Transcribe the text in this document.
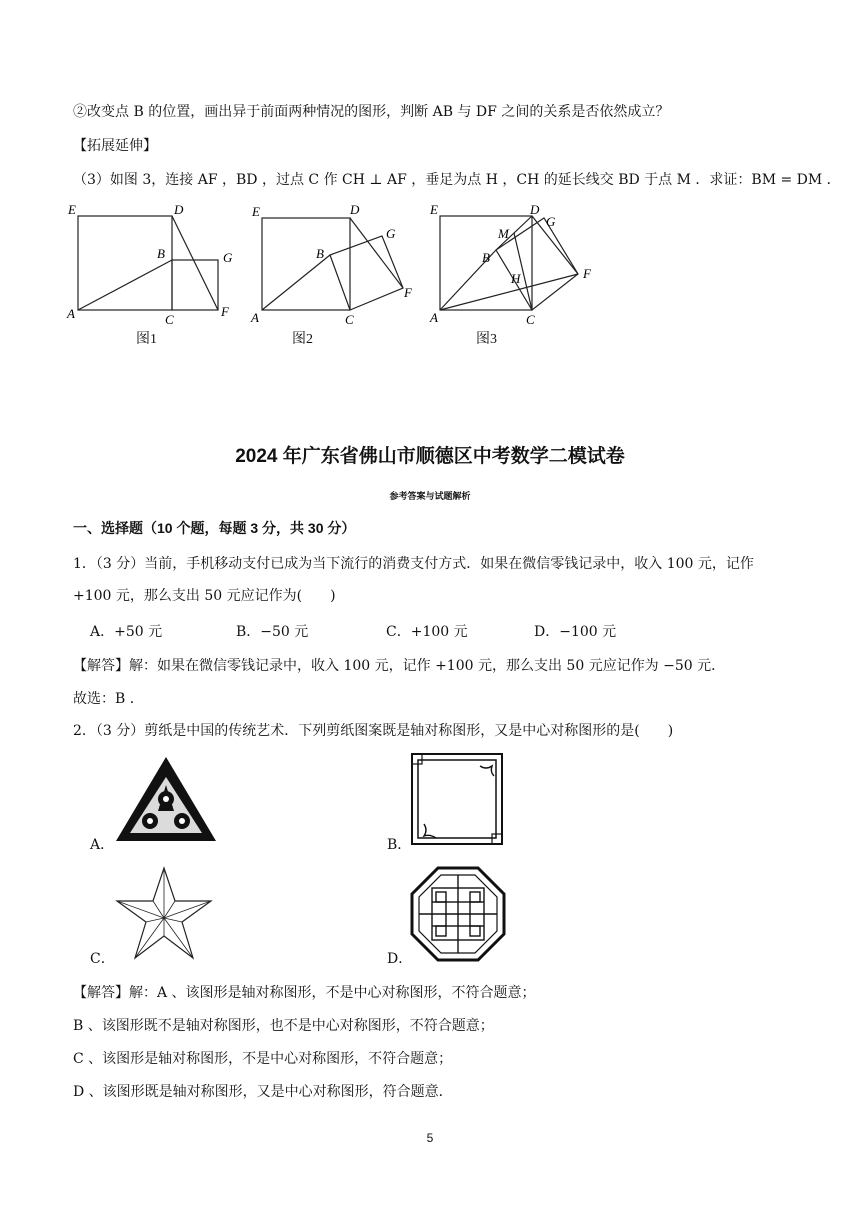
②改变点 B 的位置，画出异于前面两种情况的图形，判断 AB 与 DF 之间的关系是否依然成立？
【拓展延伸】
（3）如图 3，连接 AF ，BD ，过点 C 作 CH ⊥ AF ，垂足为点 H ，CH 的延长线交 BD 于点 M ．求证：BM = DM ．
E	D
B	G
A	C
F
图1
E	D
B
G
F
A	C
图2
E	D
M
G
B
H	F
A	C
图3
2024 年广东省佛山市顺德区中考数学二模试卷
参考答案与试题解析
一、选择题（10 个题，每题 3 分，共 30 分）
1．（3 分）当前，手机移动支付已成为当下流行的消费支付方式．如果在微信零钱记录中，收入 100 元，记作
+100 元，那么支出 50 元应记作为(　　)
A．+50 元	B．−50 元	C．+100 元	D．−100 元
【解答】解：如果在微信零钱记录中，收入 100 元，记作 +100 元，那么支出 50 元应记作为 −50 元．
故选：B ．
2．（3 分）剪纸是中国的传统艺术．下列剪纸图案既是轴对称图形，又是中心对称图形的是(　　)
A．	B．
C．	D．
【解答】解：A 、该图形是轴对称图形，不是中心对称图形，不符合题意；
B 、该图形既不是轴对称图形，也不是中心对称图形，不符合题意；
C 、该图形是轴对称图形，不是中心对称图形，不符合题意；
D 、该图形既是轴对称图形，又是中心对称图形，符合题意．
5
